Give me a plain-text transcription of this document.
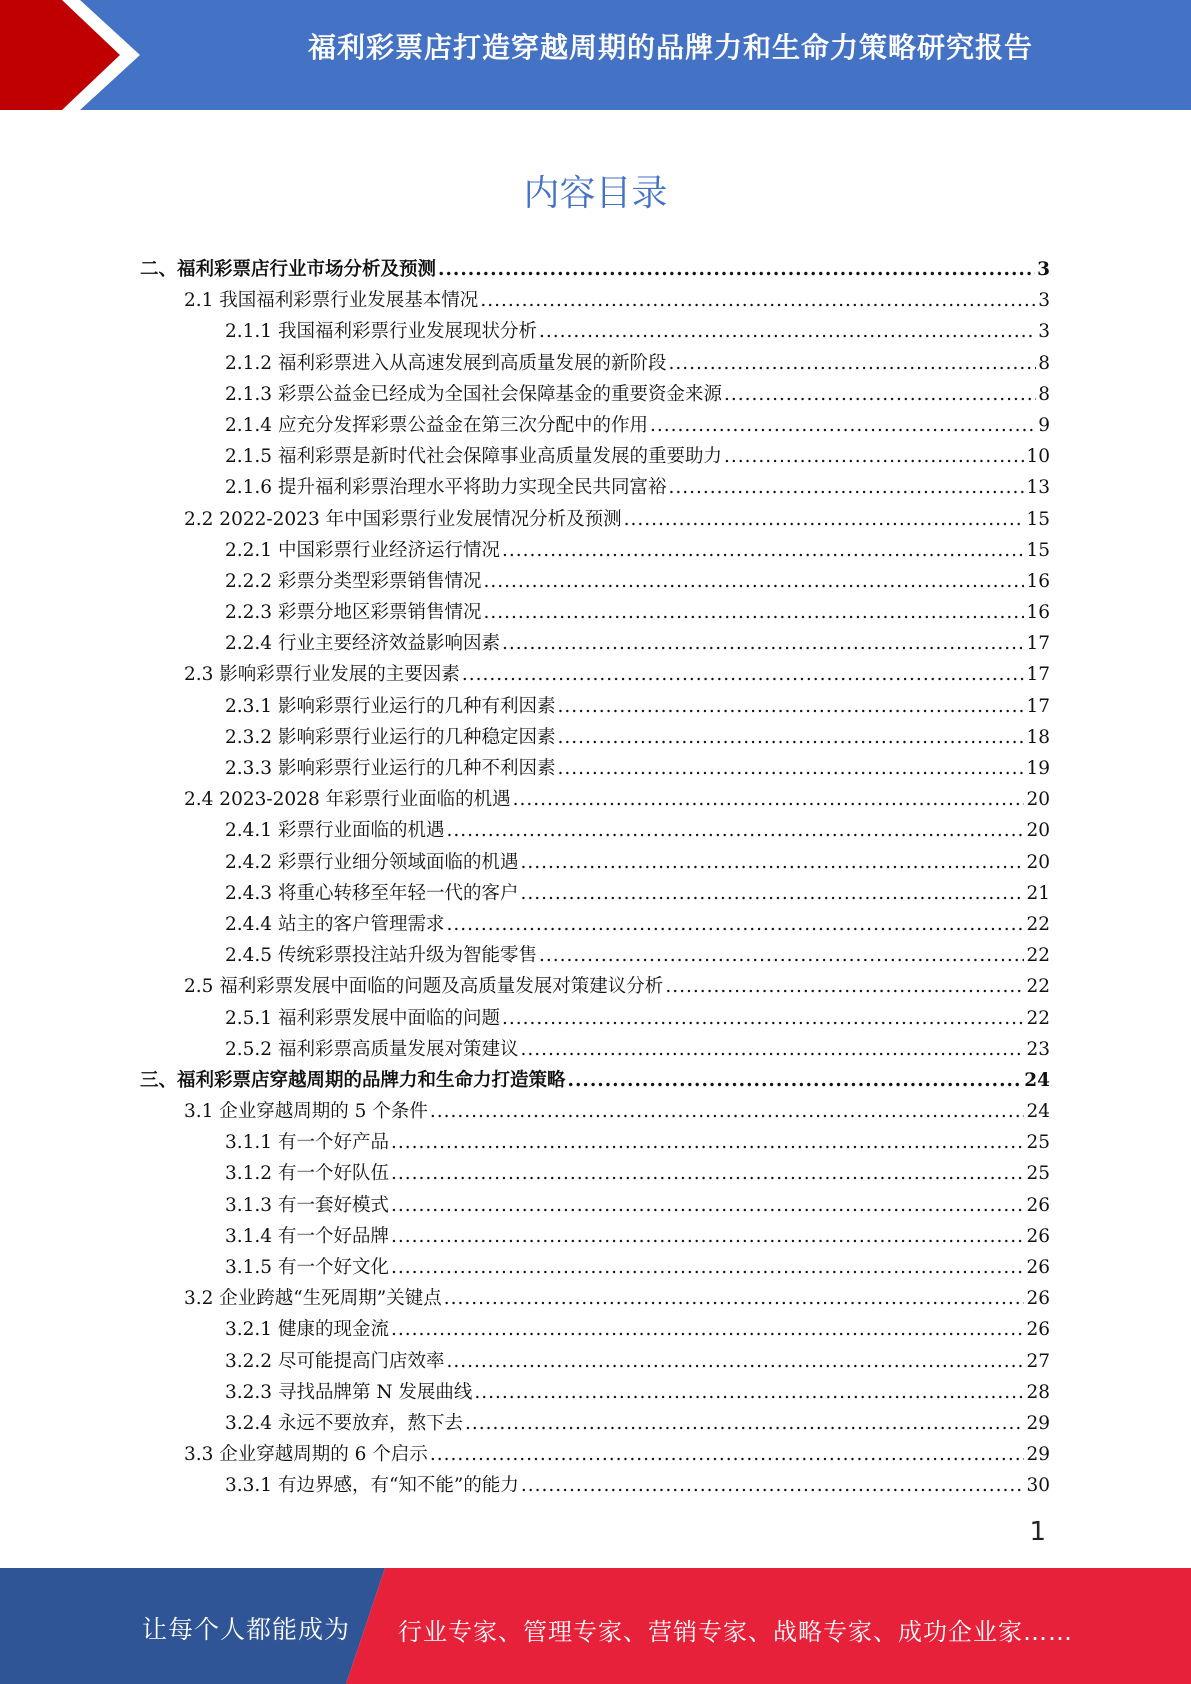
福利彩票店打造穿越周期的品牌力和生命力策略研究报告
内容目录
二、福利彩票店行业市场分析及预测 .....	3
2.1 我国福利彩票行业发展基本情况 .....	3
2.1.1 我国福利彩票行业发展现状分析 .....	3
2.1.2 福利彩票进入从高速发展到高质量发展的新阶段 .....	8
2.1.3 彩票公益金已经成为全国社会保障基金的重要资金来源 .....	8
2.1.4 应充分发挥彩票公益金在第三次分配中的作用 .....	9
2.1.5 福利彩票是新时代社会保障事业高质量发展的重要助力 .....	10
2.1.6 提升福利彩票治理水平将助力实现全民共同富裕 .....	13
2.2 2022-2023 年中国彩票行业发展情况分析及预测 .....	15
2.2.1 中国彩票行业经济运行情况 .....	15
2.2.2 彩票分类型彩票销售情况 .....	16
2.2.3 彩票分地区彩票销售情况 .....	16
2.2.4 行业主要经济效益影响因素 .....	17
2.3 影响彩票行业发展的主要因素 .....	17
2.3.1 影响彩票行业运行的几种有利因素 .....	17
2.3.2 影响彩票行业运行的几种稳定因素 .....	18
2.3.3 影响彩票行业运行的几种不利因素 .....	19
2.4 2023-2028 年彩票行业面临的机遇 .....	20
2.4.1 彩票行业面临的机遇 .....	20
2.4.2 彩票行业细分领域面临的机遇 .....	20
2.4.3 将重心转移至年轻一代的客户 .....	21
2.4.4 站主的客户管理需求 .....	22
2.4.5 传统彩票投注站升级为智能零售 .....	22
2.5 福利彩票发展中面临的问题及高质量发展对策建议分析 .....	22
2.5.1 福利彩票发展中面临的问题 .....	22
2.5.2 福利彩票高质量发展对策建议 .....	23
三、福利彩票店穿越周期的品牌力和生命力打造策略 .....	24
3.1 企业穿越周期的 5 个条件 .....	24
3.1.1 有一个好产品 .....	25
3.1.2 有一个好队伍 .....	25
3.1.3 有一套好模式 .....	26
3.1.4 有一个好品牌 .....	26
3.1.5 有一个好文化 .....	26
3.2 企业跨越“生死周期”关键点 .....	26
3.2.1 健康的现金流 .....	26
3.2.2 尽可能提高门店效率 .....	27
3.2.3 寻找品牌第 N 发展曲线 .....	28
3.2.4 永远不要放弃，熬下去 .....	29
3.3 企业穿越周期的 6 个启示 .....	29
3.3.1 有边界感，有“知不能”的能力 .....	30
1
让每个人都能成为 行业专家、管理专家、营销专家、战略专家、成功企业家……
